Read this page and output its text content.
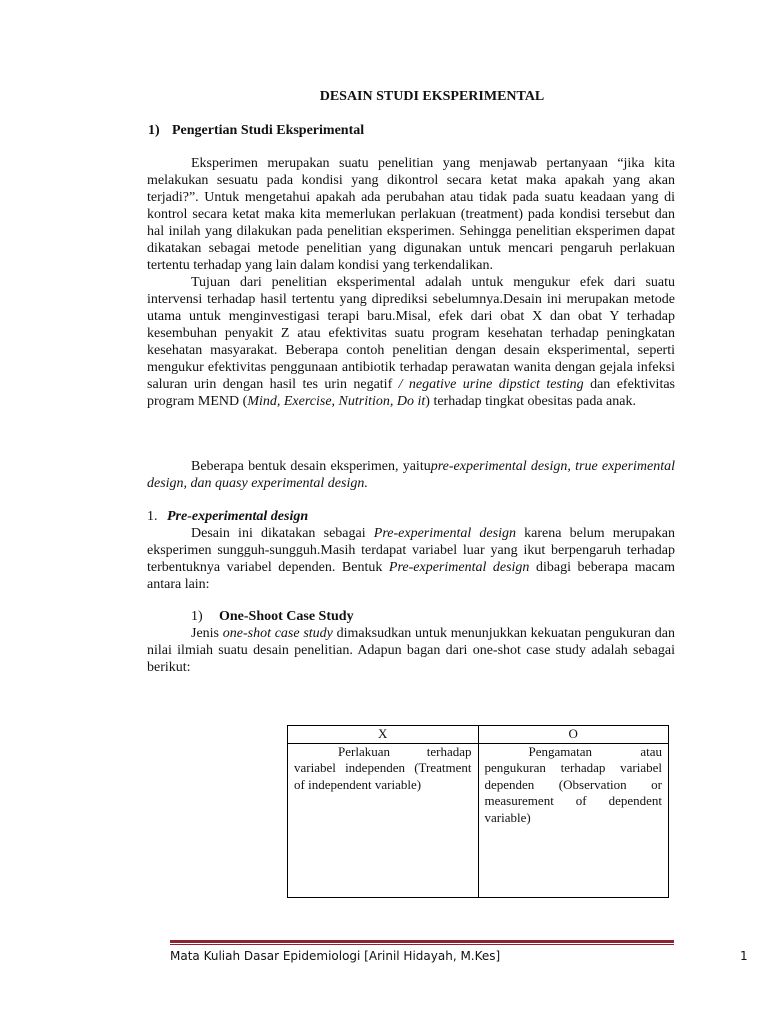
DESAIN STUDI EKSPERIMENTAL
1) Pengertian Studi Eksperimental

Eksperimen merupakan suatu penelitian yang menjawab pertanyaan “jika kita melakukan sesuatu pada kondisi yang dikontrol secara ketat maka apakah yang akan terjadi?”. Untuk mengetahui apakah ada perubahan atau tidak pada suatu keadaan yang di kontrol secara ketat maka kita memerlukan perlakuan (treatment) pada kondisi tersebut dan hal inilah yang dilakukan pada penelitian eksperimen. Sehingga penelitian eksperimen dapat dikatakan sebagai metode penelitian yang digunakan untuk mencari pengaruh perlakuan tertentu terhadap yang lain dalam kondisi yang terkendalikan.

Tujuan dari penelitian eksperimental adalah untuk mengukur efek dari suatu intervensi terhadap hasil tertentu yang diprediksi sebelumnya.Desain ini merupakan metode utama untuk menginvestigasi terapi baru.Misal, efek dari obat X dan obat Y terhadap kesembuhan penyakit Z atau efektivitas suatu program kesehatan terhadap peningkatan kesehatan masyarakat. Beberapa contoh penelitian dengan desain eksperimental, seperti mengukur efektivitas penggunaan antibiotik terhadap perawatan wanita dengan gejala infeksi saluran urin dengan hasil tes urin negatif / negative urine dipstict testing dan efektivitas program MEND (Mind, Exercise, Nutrition, Do it) terhadap tingkat obesitas pada anak.

Beberapa bentuk desain eksperimen, yaitupre-experimental design, true experimental design, dan quasy experimental design.

1. Pre-experimental design

Desain ini dikatakan sebagai Pre-experimental design karena belum merupakan eksperimen sungguh-sungguh.Masih terdapat variabel luar yang ikut berpengaruh terhadap terbentuknya variabel dependen. Bentuk Pre-experimental design dibagi beberapa macam antara lain:

1) One-Shoot Case Study

Jenis one-shot case study dimaksudkan untuk menunjukkan kekuatan pengukuran dan nilai ilmiah suatu desain penelitian. Adapun bagan dari one-shot case study adalah sebagai berikut:

X	O

Perlakuan terhadap variabel independen (Treatment of independent variable)	Pengamatan atau pengukuran terhadap variabel dependen (Observation or measurement of dependent variable)
Mata Kuliah Dasar Epidemiologi [Arinil Hidayah, M.Kes]	1
